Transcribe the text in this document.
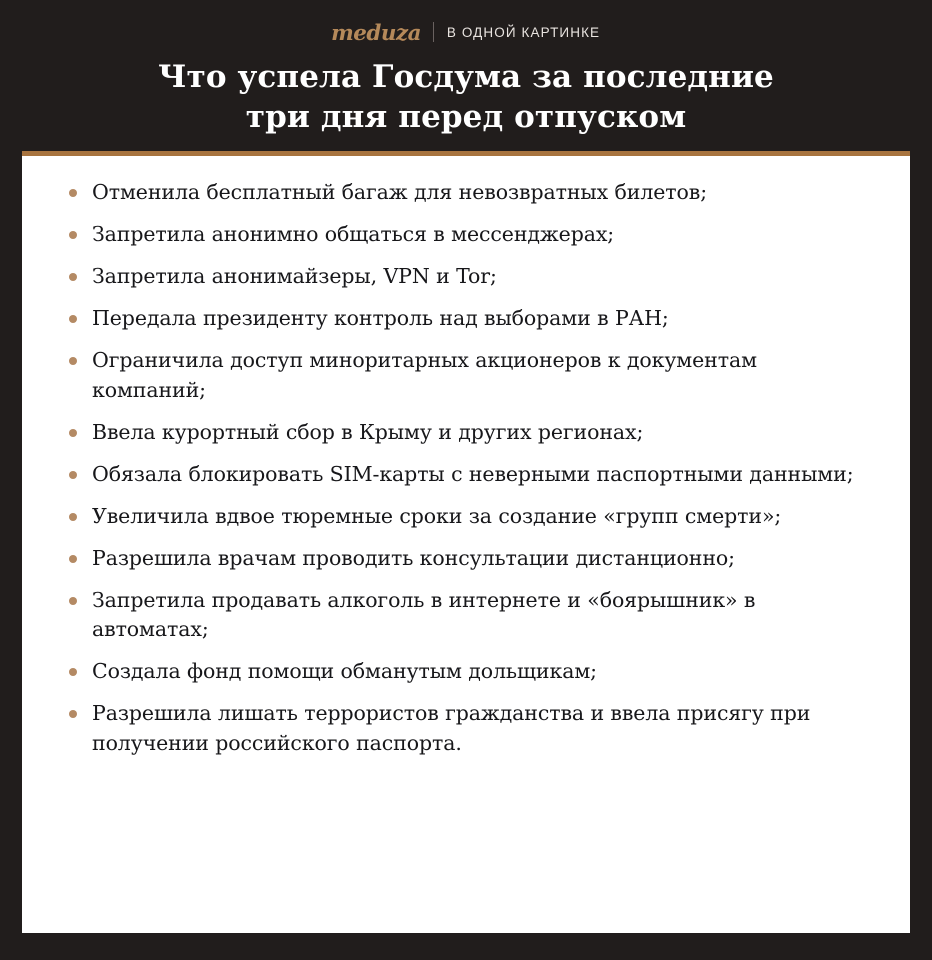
meduza В ОДНОЙ КАРТИНКЕ
Что успела Госдума за последние
три дня перед отпуском
Отменила бесплатный багаж для невозвратных билетов;
Запретила анонимно общаться в мессенджерах;
Запретила анонимайзеры, VPN и Tor;
Передала президенту контроль над выборами в РАН;
Ограничила доступ миноритарных акционеров к документам компаний;
Ввела курортный сбор в Крыму и других регионах;
Обязала блокировать SIM-карты с неверными паспортными данными;
Увеличила вдвое тюремные сроки за создание «групп смерти»;
Разрешила врачам проводить консультации дистанционно;
Запретила продавать алкоголь в интернете и «боярышник» в автоматах;
Создала фонд помощи обманутым дольщикам;
Разрешила лишать террористов гражданства и ввела присягу при получении российского паспорта.
